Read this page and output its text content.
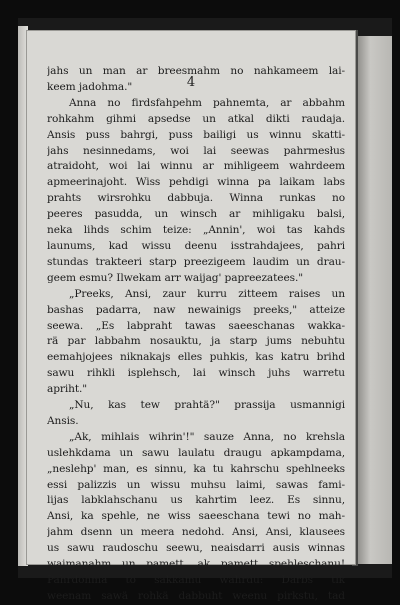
4
jahs un man ar breesmahm no nahkameem lai-
keem jadohma."
Anna no firdsfahpehm pahnemta, ar abbahm
rohkahm gihmi apsedse un atkal dikti raudaja.
Ansis puss bahrgi, puss bailigi us winnu skatti-
jahs nesinnedams, woi lai seewas pahrmesłus
atraidoht, woi lai winnu ar mihligeem wahrdeem
apmeerinajoht. Wiss pehdigi winna pa laikam labs
prahts wirsrohku dabbuja. Winna runkas no
peeres pasudda, un winsch ar mihligaku balsi,
neka lihds schim teize: „Annin', woi tas kahds
launums, kad wissu deenu isstrahdajees, pahri
stundas trakteeri starp preezigeem laudim un drau-
geem esmu? Ilwekam arr waijag' papreezatees."
„Preeks, Ansi, zaur kurru zitteem raises un
bashas padarra, naw newainigs preeks," atteize
seewa. „Es labpraht tawas saeeschanas wakka-
rä par labbahm nosauktu, ja starp jums nebuhtu
eemahjojees niknakajs elles puhkis, kas katru brihd
sawu rihkli isplehsch, lai winsch juhs warretu
apriht."
„Nu, kas tew prahtä?" prassija usmannigi
Ansis.
„Ak, mihlais wihrin'!" sauze Anna, no krehsla
uslehkdama un sawu laulatu draugu apkampdama,
„neslehp' man, es sinnu, ka tu kahrschu spehlneeks
essi palizzis un wissu muhsu laimi, sawas fami-
lijas labklahschanu us kahrtim leez. Es sinnu,
Ansi, ka spehle, ne wiss saeeschana tewi no mah-
jahm dsenn un meera nedohd. Ansi, Ansi, klausees
us sawu raudoschu seewu, neaisdarri ausis winnas
waimanahm un pamett, ak pamett spehleschanu!
Pahrdohma to sakkamu wahrdu: Darbs tik
weenam sawä rohkä dabbuht weenu pirkstu, tad
